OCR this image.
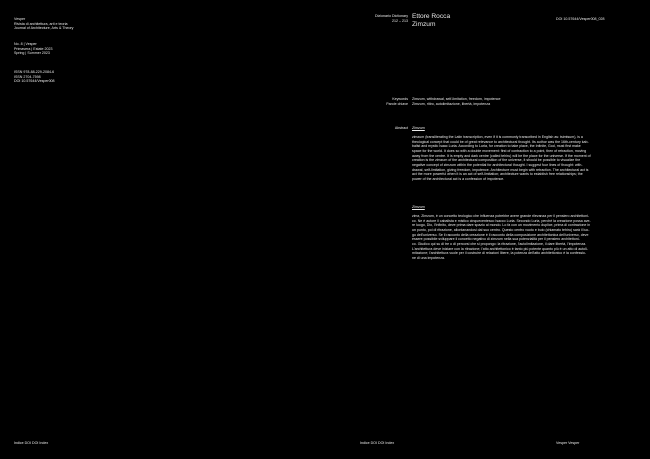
Vesper
Rivista di architettura, arti e teoria
Journal of Architecture, Arts & Theory
No. 8 | Vesper
Primavera | Estate 2023
Spring | Summer 2023
ISSN 978-88-229-2084-6
ISSN 2704-7598
DOI 10.57644/Vesper008
Dizionario Dictionary
212 – 213
Ettore Rocca
Zimzum
DOI 10.57644/Vesper008_028
Keywords
Parole chiave
Zimzum, withdrawal, self-limitation, freedom, impotence
Zimzum, ritiro, autolimitazione, libertà, impotenza
Abstract Zimzum
zimzum (transliterating the Latin transcription, even if it is commonly transcribed in English as: tsimtsum), is a
theological concept that could be of great relevance to architectural thought. Its author was the 16th-century kab-
balist and mystic Isaac Luria. According to Luria, for creation to take place, the Infinite, God, must first make
space for the world. It does so with a double movement: first of contraction to a point, then of retraction, moving
away from the centre. It is empty and dark centre (called tehiru) will be the place for the universe. If the moment of
creation is the zimzum of the architectural composition of the universe, it should be possible to visualize the
negative concept of zimzum within the potential for architectural thought. I suggest four lines of thought: with-
drawal, self-limitation, giving freedom, impotence. Architecture must begin with retraction. The architectural act is
act the more powerful when it is an act of self-limitation; architecture wants to establish free relationships; the
power of the architectural act is a confession of impotence.
Zimzum
zimz, Zimzum, è un concetto teologico che influenza potrebbe avere grande rilevanza per il pensiero architettoni-
co. Ne è autore il cabalista e mistico cinquecentesco Isacco Luria. Secondo Luria, perché la creazione possa ave-
re luogo, Dio, l'Infinito, deve prima dare spazio al mondo. Lo fa con un movimento duplice, prima di contrazione in
un punto, poi di ritrazione, allontanandosi dal suo centro. Questo centro vuoto e buio (chiamato tehiru) sarà il luo-
go dell'universo. Se il racconto della creazione è il racconto della composizione architettonica dell'universo, deve
essere possibile sviluppare il concetto negativo di zimzum nella sua potenzialità per il pensiero architettoni-
co. Giudico qui su di tre o di percorsi che si propongo: la ritrazione, l'autolimitazione, il dare libertà, l'impotenza.
L'architettura deve iniziare con la ritrazione; l'atto architettonico è tanto più potente quanto più è un atto di autoli-
mitazione; l'architettura vuole per il costruire di relazioni libere, la potenza dell'atto architettonico è la confessio-
ne di una impotenza.
Indice DOI DOI Index	Indice DOI DOI Index	Vesper Vesper
